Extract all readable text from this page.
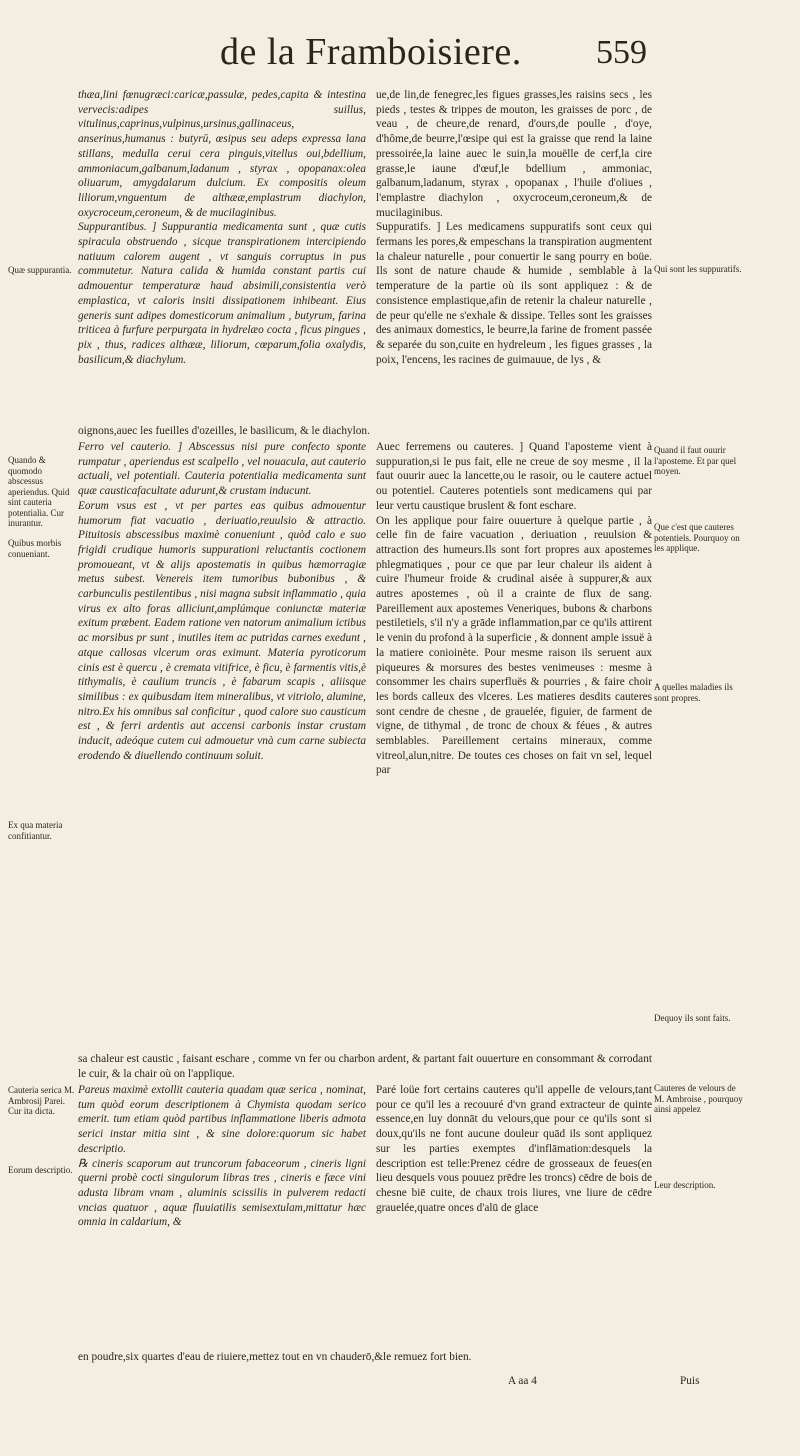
de la Framboisiere. 559

thæa,lini fœnugræci:caricæ,passulæ, pedes,capita & intestina vervecis:adipes suillus, vitulinus,caprinus,vulpinus,ursinus,gallinaceus, anserinus,humanus : butyrū, œsipus seu adeps expressa lana stillans, medulla cerui cera pinguis,vitellus oui,bdellium, ammoniacum,galbanum,ladanum , styrax , opopanax:olea oliuarum, amygdalarum dulcium. Ex compositis oleum liliorum,vnguentum de althææ,emplastrum diachylon, oxycroceum,ceroneum, & de mucilaginibus.

Suppurantibus. ] Suppurantia medicamenta sunt , quæ cutis spiracula obstruendo , sicque transpirationem intercipiendo natiuum calorem augent , vt sanguis corruptus in pus commutetur. Natura calida & humida constant partis cui admouentur temperaturæ haud absimili,consistentia verò emplastica, vt caloris insiti dissipationem inhibeant. Eius generis sunt adipes domesticorum animalium , butyrum, farina triticea à furfure perpurgata in hydrelæo cocta , ficus pingues , pix , thus, radices althææ, liliorum, cœparum,folia oxalydis, basilicum,& diachylum.

ue,de lin,de fenegrec,les figues grasses,les raisins secs , les pieds , testes & trippes de mouton, les graisses de porc , de veau , de cheure,de renard, d'ours,de poulle , d'oye, d'hôme,de beurre,l'œsipe qui est la graisse que rend la laine pressoirée,la laine auec le suin,la mouëlle de cerf,la cire grasse,le iaune d'œuf,le bdellium , ammoniac, galbanum,ladanum, styrax , opopanax , l'huile d'oliues , l'emplastre diachylon , oxycroceum,ceroneum,& de mucilaginibus.

Suppuratifs. ] Les medicamens suppuratifs sont ceux qui fermans les pores,& empeschans la transpiration augmentent la chaleur naturelle , pour conuertir le sang pourry en boüe. Ils sont de nature chaude & humide , semblable à la temperature de la partie où ils sont appliquez : & de consistence emplastique,afin de retenir la chaleur naturelle , de peur qu'elle ne s'exhale & dissipe. Telles sont les graisses des animaux domestics, le beurre,la farine de froment passée & separée du son,cuite en hydreleum , les figues grasses , la poix, l'encens, les racines de guimauue, de lys , &

oignons,auec les fueilles d'ozeilles, le basilicum, & le diachylon.

Ferro vel cauterio. ] Abscessus nisi pure confecto sponte rumpatur , aperiendus est scalpello , vel nouacula, aut cauterio actuali, vel potentiali. Cauteria potentialia medicamenta sunt quæ causticafacultate adurunt,& crustam inducunt.

Eorum vsus est , vt per partes eas quibus admouentur humorum fiat vacuatio , deriuatio,reuulsio & attractio. Pituitosis abscessibus maximè conueniunt , quòd calo e suo frigidi crudique humoris suppurationi reluctantis coctionem promoueant, vt & alijs apostematis in quibus hæmorragiæ metus subest. Venereis item tumoribus bubonibus , & carbunculis pestilentibus , nisi magna subsit inflammatio , quia virus ex alto foras alliciunt,amplúmque coniunctæ materiæ exitum præbent. Eadem ratione ven natorum animalium ictibus ac morsibus pr sunt , inutiles item ac putridas carnes exedunt , atque callosas vlcerum oras eximunt. Materia pyroticorum cinis est è quercu , è cremata vitifrice, è ficu, è farmentis vitis,è tithymalis, è caulium truncis , è fabarum scapis , aliisque similibus : ex quibusdam item mineralibus, vt vitriolo, alumine, nitro.Ex his omnibus sal conficitur , quod calore suo causticum est , & ferri ardentis aut accensi carbonis instar crustam inducit, adeóque cutem cui admouetur vnà cum carne subiecta erodendo & diuellendo continuum soluit.

Auec ferremens ou cauteres. ] Quand l'aposteme vient à suppuration,si le pus fait, elle ne creue de soy mesme , il la faut ouurir auec la lancette,ou le rasoir, ou le cautere actuel ou potentiel. Cauteres potentiels sont medicamens qui par leur vertu caustique bruslent & font eschare.

On les applique pour faire ouuerture à quelque partie , à celle fin de faire vacuation , deriuation , reuulsion & attraction des humeurs.Ils sont fort propres aux apostemes phlegmatiques , pour ce que par leur chaleur ils aident à cuire l'humeur froide & crudinal aisée à suppurer,& aux autres apostemes , où il a crainte de flux de sang. Pareillement aux apostemes Veneriques, bubons & charbons pestiletiels, s'il n'y a grāde inflammation,par ce qu'ils attirent le venin du profond à la superficie , & donnent ample issuë à la matiere conioinète. Pour mesme raison ils seruent aux piqueures & morsures des bestes venimeuses : mesme à consommer les chairs superfluës & pourries , & faire choir les bords calleux des vlceres. Les matieres desdits cauteres sont cendre de chesne , de grauelée, figuier, de farment de vigne, de tithymal , de tronc de choux & féues , & autres semblables. Pareillement certains mineraux, comme vitreol,alun,nitre. De toutes ces choses on fait vn sel, lequel par

sa chaleur est caustic , faisant eschare , comme vn fer ou charbon ardent, & partant fait ouuerture en consommant & corrodant le cuir, & la chair où on l'applique.

Pareus maximè extollit cauteria quadam quæ serica , nominat, tum quòd eorum descriptionem à Chymista quodam serico emerit. tum etiam quòd partibus inflammatione liberis admota serici instar mitia sint , & sine dolore:quorum sic habet descriptio.

℞ cineris scaporum aut truncorum fabaceorum , cineris ligni querni probè cocti singulorum libras tres , cineris e fæce vini adusta libram vnam , aluminis scissilis in pulverem redacti vncias quatuor , aquæ fluuiatilis semisextulam,mittatur hæc omnia in caldarium, &

Paré loüe fort certains cauteres qu'il appelle de velours,tant pour ce qu'il les a recouuré d'vn grand extracteur de quinte essence,en luy donnāt du velours,que pour ce qu'ils sont si doux,qu'ils ne font aucune douleur quād ils sont appliquez sur les parties exemptes d'inflāmation:desquels la description est telle:Prenez cédre de grosseaux de feues(en lieu desquels vous pouuez prēdre les troncs) cēdre de bois de chesne biē cuite, de chaux trois liures, vne liure de cēdre grauelée,quatre onces d'alū de glace

en poudre,six quartes d'eau de riuiere,mettez tout en vn chauderō,&le remuez fort bien.
A aa 4	Puis
Quæ suppurantia.
Quando & quomodo abscessus aperiendus. Quid sint cauteria potentialia. Cur inurantur.
Quibus morbis conueniant.
Ex qua materia confitiantur.
Cauteria serica M. Ambrosij Parei. Cur ita dicta.
Eorum descriptio.
Qui sont les suppuratifs.
Quand il faut ouurir l'aposteme. Et par quel moyen.
Que c'est que cauteres potentiels. Pourquoy on les applique.
A quelles maladies ils sont propres.
Dequoy ils sont faits.
Cauteres de velours de M. Ambroise , pourquoy ainsi appelez
Leur description.
